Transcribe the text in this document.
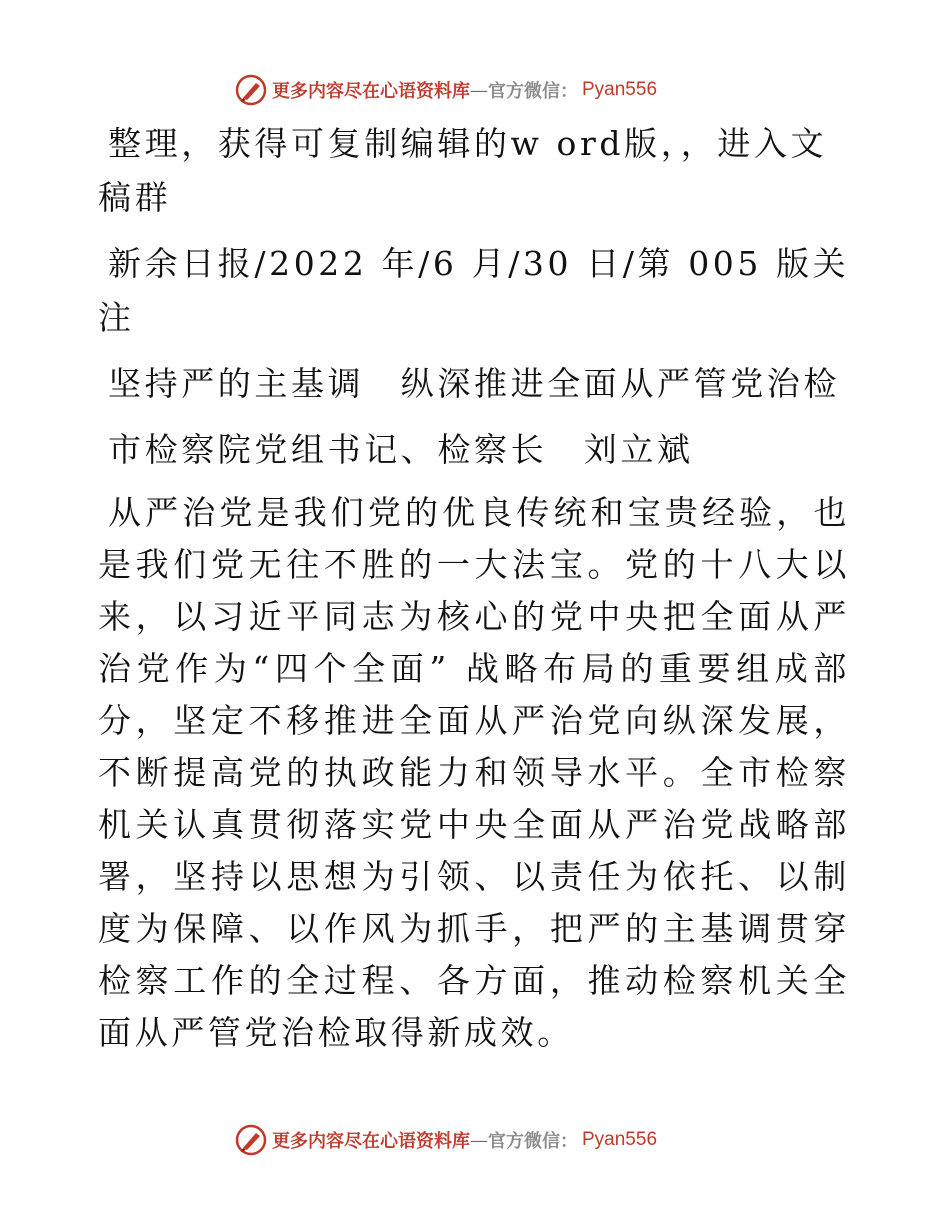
更多内容尽在心语资料库 — 官方微信： Pyan556

整理，获得可复制编辑的w ord版，，进入文稿群

新余日报/2022 年/6 月/30 日/第 005 版关注

坚持严的主基调　纵深推进全面从严管党治检

市检察院党组书记、检察长　刘立斌

从严治党是我们党的优良传统和宝贵经验，也是我们党无往不胜的一大法宝。党的十八大以来，以习近平同志为核心的党中央把全面从严治党作为“四个全面” 战略布局的重要组成部分，坚定不移推进全面从严治党向纵深发展，不断提高党的执政能力和领导水平。全市检察机关认真贯彻落实党中央全面从严治党战略部署，坚持以思想为引领、以责任为依托、以制度为保障、以作风为抓手，把严的主基调贯穿检察工作的全过程、各方面，推动检察机关全面从严管党治检取得新成效。

更多内容尽在心语资料库 — 官方微信： Pyan556
